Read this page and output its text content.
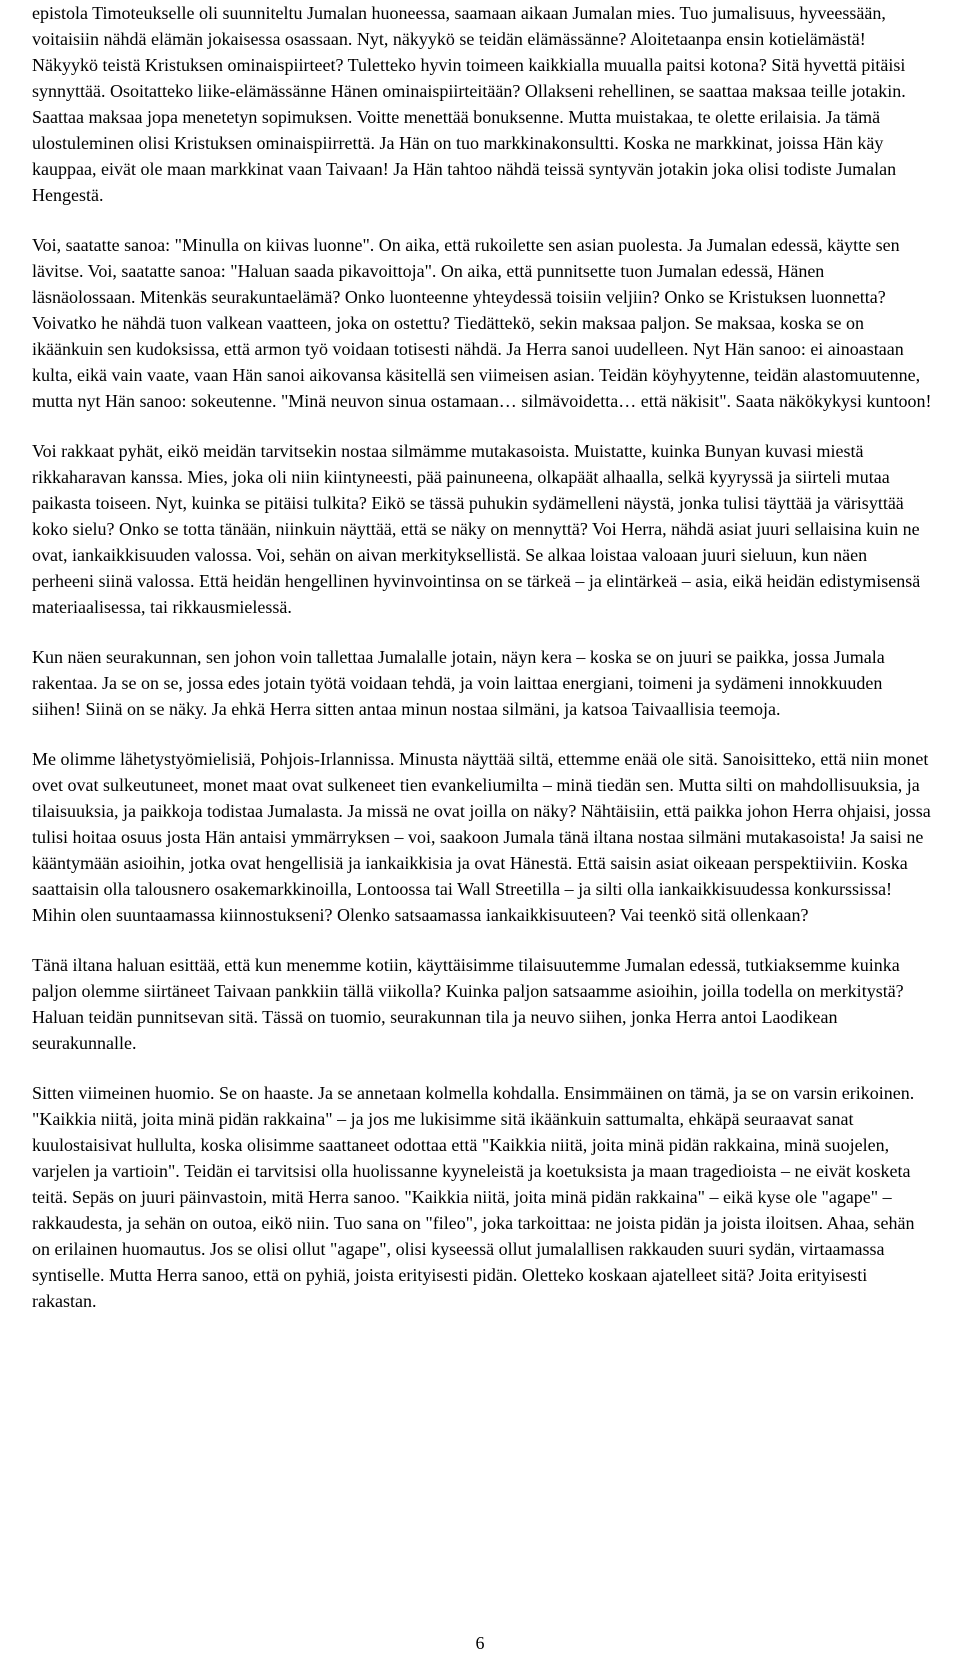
epistola Timoteukselle oli suunniteltu Jumalan huoneessa, saamaan aikaan Jumalan mies. Tuo jumalisuus, hyveessään, voitaisiin nähdä elämän jokaisessa osassaan. Nyt, näkyykö se teidän elämässänne? Aloitetaanpa ensin kotielämästä! Näkyykö teistä Kristuksen ominaispiirteet? Tuletteko hyvin toimeen kaikkialla muualla paitsi kotona? Sitä hyvettä pitäisi synnyttää. Osoitatteko liike-elämässänne Hänen ominaispiirteitään? Ollakseni rehellinen, se saattaa maksaa teille jotakin. Saattaa maksaa jopa menetetyn sopimuksen. Voitte menettää bonuksenne. Mutta muistakaa, te olette erilaisia. Ja tämä ulostuleminen olisi Kristuksen ominaispiirrettä. Ja Hän on tuo markkinakonsultti. Koska ne markkinat, joissa Hän käy kauppaa, eivät ole maan markkinat vaan Taivaan! Ja Hän tahtoo nähdä teissä syntyvän jotakin joka olisi todiste Jumalan Hengestä.

Voi, saatatte sanoa: "Minulla on kiivas luonne". On aika, että rukoilette sen asian puolesta. Ja Jumalan edessä, käytte sen lävitse. Voi, saatatte sanoa: "Haluan saada pikavoittoja". On aika, että punnitsette tuon Jumalan edessä, Hänen läsnäolossaan. Mitenkäs seurakuntaelämä? Onko luonteenne yhteydessä toisiin veljiin? Onko se Kristuksen luonnetta? Voivatko he nähdä tuon valkean vaatteen, joka on ostettu? Tiedättekö, sekin maksaa paljon. Se maksaa, koska se on ikäänkuin sen kudoksissa, että armon työ voidaan totisesti nähdä. Ja Herra sanoi uudelleen. Nyt Hän sanoo: ei ainoastaan kulta, eikä vain vaate, vaan Hän sanoi aikovansa käsitellä sen viimeisen asian. Teidän köyhyytenne, teidän alastomuutenne, mutta nyt Hän sanoo: sokeutenne. "Minä neuvon sinua ostamaan… silmävoidetta… että näkisit". Saata näkökykysi kuntoon!

Voi rakkaat pyhät, eikö meidän tarvitsekin nostaa silmämme mutakasoista. Muistatte, kuinka Bunyan kuvasi miestä rikkaharavan kanssa. Mies, joka oli niin kiintyneesti, pää painuneena, olkapäät alhaalla, selkä kyyryssä ja siirteli mutaa paikasta toiseen. Nyt, kuinka se pitäisi tulkita? Eikö se tässä puhukin sydämelleni näystä, jonka tulisi täyttää ja värisyttää koko sielu? Onko se totta tänään, niinkuin näyttää, että se näky on mennyttä? Voi Herra, nähdä asiat juuri sellaisina kuin ne ovat, iankaikkisuuden valossa. Voi, sehän on aivan merkityksellistä. Se alkaa loistaa valoaan juuri sieluun, kun näen perheeni siinä valossa. Että heidän hengellinen hyvinvointinsa on se tärkeä – ja elintärkeä – asia, eikä heidän edistymisensä materiaalisessa, tai rikkausmielessä.

Kun näen seurakunnan, sen johon voin tallettaa Jumalalle jotain, näyn kera – koska se on juuri se paikka, jossa Jumala rakentaa. Ja se on se, jossa edes jotain työtä voidaan tehdä, ja voin laittaa energiani, toimeni ja sydämeni innokkuuden siihen! Siinä on se näky. Ja ehkä Herra sitten antaa minun nostaa silmäni, ja katsoa Taivaallisia teemoja.

Me olimme lähetystyömielisiä, Pohjois-Irlannissa. Minusta näyttää siltä, ettemme enää ole sitä. Sanoisitteko, että niin monet ovet ovat sulkeutuneet, monet maat ovat sulkeneet tien evankeliumilta – minä tiedän sen. Mutta silti on mahdollisuuksia, ja tilaisuuksia, ja paikkoja todistaa Jumalasta. Ja missä ne ovat joilla on näky? Nähtäisiin, että paikka johon Herra ohjaisi, jossa tulisi hoitaa osuus josta Hän antaisi ymmärryksen – voi, saakoon Jumala tänä iltana nostaa silmäni mutakasoista! Ja saisi ne kääntymään asioihin, jotka ovat hengellisiä ja iankaikkisia ja ovat Hänestä. Että saisin asiat oikeaan perspektiiviin. Koska saattaisin olla talousnero osakemarkkinoilla, Lontoossa tai Wall Streetilla – ja silti olla iankaikkisuudessa konkurssissa! Mihin olen suuntaamassa kiinnostukseni? Olenko satsaamassa iankaikkisuuteen? Vai teenkö sitä ollenkaan?

Tänä iltana haluan esittää, että kun menemme kotiin, käyttäisimme tilaisuutemme Jumalan edessä, tutkiaksemme kuinka paljon olemme siirtäneet Taivaan pankkiin tällä viikolla? Kuinka paljon satsaamme asioihin, joilla todella on merkitystä? Haluan teidän punnitsevan sitä. Tässä on tuomio, seurakunnan tila ja neuvo siihen, jonka Herra antoi Laodikean seurakunnalle.

Sitten viimeinen huomio. Se on haaste. Ja se annetaan kolmella kohdalla. Ensimmäinen on tämä, ja se on varsin erikoinen. "Kaikkia niitä, joita minä pidän rakkaina" – ja jos me lukisimme sitä ikäänkuin sattumalta, ehkäpä seuraavat sanat kuulostaisivat hullulta, koska olisimme saattaneet odottaa että "Kaikkia niitä, joita minä pidän rakkaina, minä suojelen, varjelen ja vartioin". Teidän ei tarvitsisi olla huolissanne kyyneleistä ja koetuksista ja maan tragedioista – ne eivät kosketa teitä. Sepäs on juuri päinvastoin, mitä Herra sanoo. "Kaikkia niitä, joita minä pidän rakkaina" – eikä kyse ole "agape" – rakkaudesta, ja sehän on outoa, eikö niin. Tuo sana on "fileo", joka tarkoittaa: ne joista pidän ja joista iloitsen. Ahaa, sehän on erilainen huomautus. Jos se olisi ollut "agape", olisi kyseessä ollut jumalallisen rakkauden suuri sydän, virtaamassa syntiselle. Mutta Herra sanoo, että on pyhiä, joista erityisesti pidän. Oletteko koskaan ajatelleet sitä? Joita erityisesti rakastan.

6
